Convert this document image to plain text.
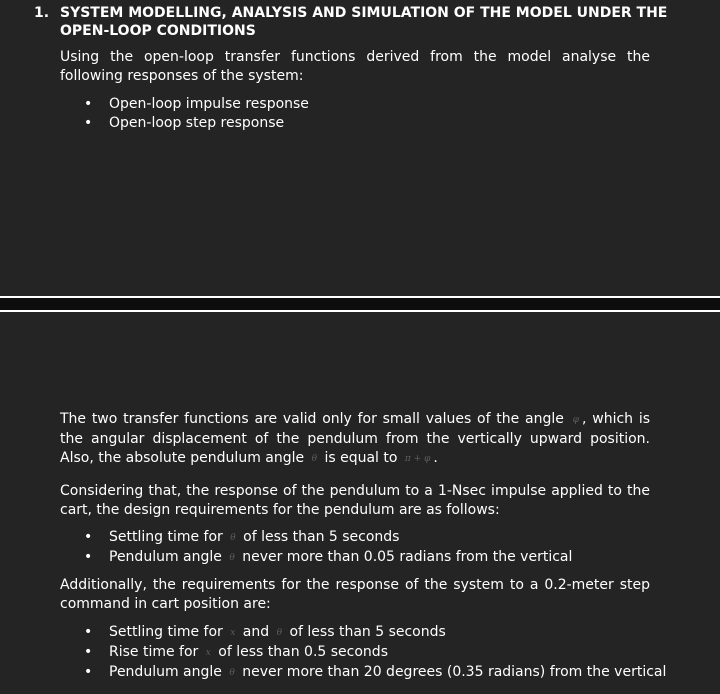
1. SYSTEM MODELLING, ANALYSIS AND SIMULATION OF THE MODEL UNDER THE OPEN-LOOP CONDITIONS

Using the open-loop transfer functions derived from the model analyse the following responses of the system:

• Open-loop impulse response
• Open-loop step response

The two transfer functions are valid only for small values of the angle φ , which is the angular displacement of the pendulum from the vertically upward position. Also, the absolute pendulum angle θ is equal to π + φ .

Considering that, the response of the pendulum to a 1-Nsec impulse applied to the cart, the design requirements for the pendulum are as follows:

• Settling time for θ of less than 5 seconds
• Pendulum angle θ never more than 0.05 radians from the vertical

Additionally, the requirements for the response of the system to a 0.2-meter step command in cart position are:

• Settling time for x and θ of less than 5 seconds
• Rise time for x of less than 0.5 seconds
• Pendulum angle θ never more than 20 degrees (0.35 radians) from the vertical
